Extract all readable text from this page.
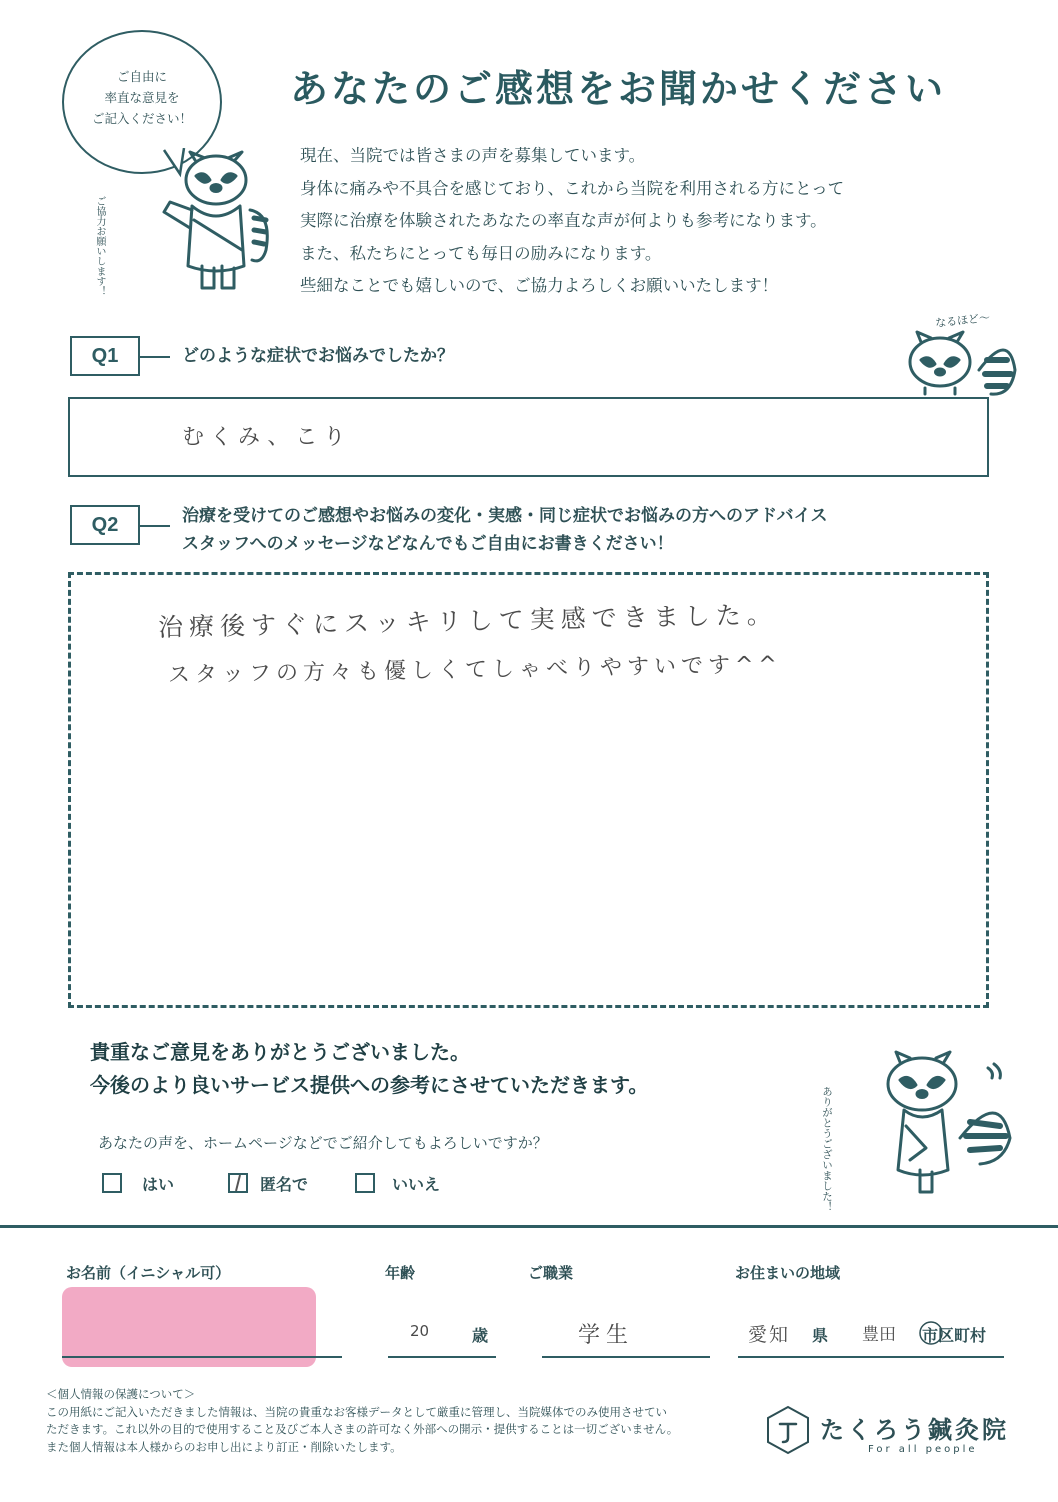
ご自由に
率直な意見を
ご記入ください！
ご協力お願いします！
あなたのご感想をお聞かせください
現在、当院では皆さまの声を募集しています。
身体に痛みや不具合を感じており、これから当院を利用される方にとって
実際に治療を体験されたあなたの率直な声が何よりも参考になります。
また、私たちにとっても毎日の励みになります。
些細なことでも嬉しいので、ご協力よろしくお願いいたします！
Q1	どのような症状でお悩みでしたか？
なるほど〜
むくみ、こり
Q2	治療を受けてのご感想やお悩みの変化・実感・同じ症状でお悩みの方へのアドバイス
スタッフへのメッセージなどなんでもご自由にお書きください！
治療後すぐにスッキリして実感できました。
スタッフの方々も優しくてしゃべりやすいです^^
貴重なご意見をありがとうございました。
今後のより良いサービス提供への参考にさせていただきます。
ありがとうございました！
あなたの声を、ホームページなどでご紹介してもよろしいですか？
はい	匿名で	いいえ
お名前（イニシャル可）	年齢
20	歳
ご職業
学生
お住まいの地域
愛知 県 豊田 市区町村
＜個人情報の保護について＞
この用紙にご記入いただきました情報は、当院の貴重なお客様データとして厳重に管理し、当院媒体でのみ使用させてい
ただきます。これ以外の目的で使用すること及びご本人さまの許可なく外部への開示・提供することは一切ございません。
また個人情報は本人様からのお申し出により訂正・削除いたします。
たくろう鍼灸院
For all people
